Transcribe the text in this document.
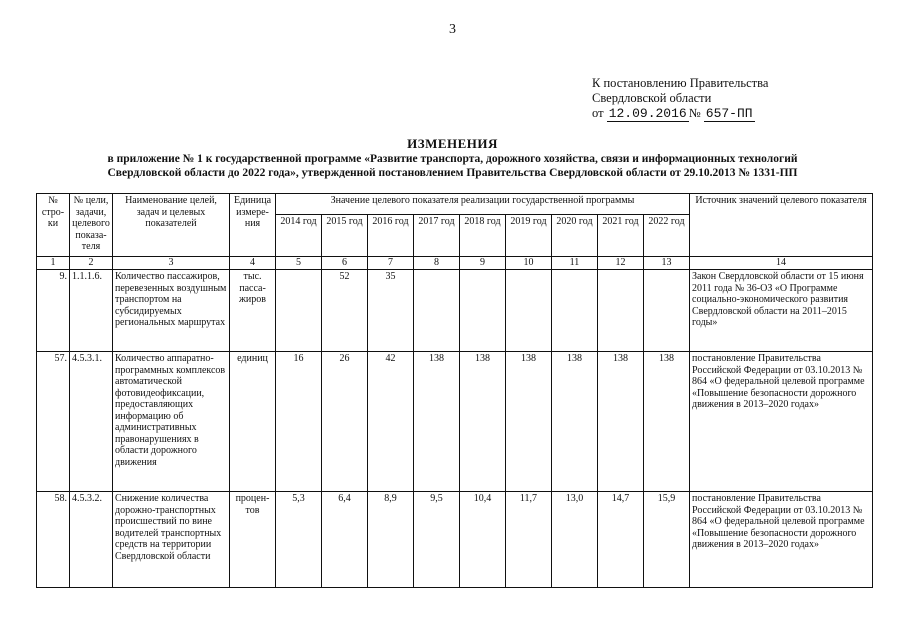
3
К постановлению Правительства
Свердловской области
от 12.09.2016 № 657-ПП
ИЗМЕНЕНИЯ
в приложение № 1 к государственной программе «Развитие транспорта, дорожного хозяйства, связи и информационных технологий
Свердловской области до 2022 года», утвержденной постановлением Правительства Свердловской области от 29.10.2013 № 1331-ПП
№ стро-ки	№ цели, задачи, целевого показа-теля	Наименование целей, задач и целевых показателей	Единица измере-ния	Значение целевого показателя реализации государственной программы									Источник значений целевого показателя
				2014 год	2015 год	2016 год	2017 год	2018 год	2019 год	2020 год	2021 год	2022 год	
1	2	3	4	5	6	7	8	9	10	11	12	13	14
9.	1.1.1.6.	Количество пассажиров, перевезенных воздушным транспортом на субсидируемых региональных маршрутах	тыс. пасса-жиров		52	35							Закон Свердловской области от 15 июня 2011 года № 36-ОЗ «О Программе социально-экономического развития Свердловской области на 2011–2015 годы»
57.	4.5.3.1.	Количество аппаратно-программных комплексов автоматической фотовидеофиксации, предоставляющих информацию об административных правонарушениях в области дорожного движения	единиц	16	26	42	138	138	138	138	138	138	постановление Правительства Российской Федерации от 03.10.2013 № 864 «О федеральной целевой программе «Повышение безопасности дорожного движения в 2013–2020 годах»
58.	4.5.3.2.	Снижение количества дорожно-транспортных происшествий по вине водителей транспортных средств на территории Свердловской области	процен-тов	5,3	6,4	8,9	9,5	10,4	11,7	13,0	14,7	15,9	постановление Правительства Российской Федерации от 03.10.2013 № 864 «О федеральной целевой программе «Повышение безопасности дорожного движения в 2013–2020 годах»
